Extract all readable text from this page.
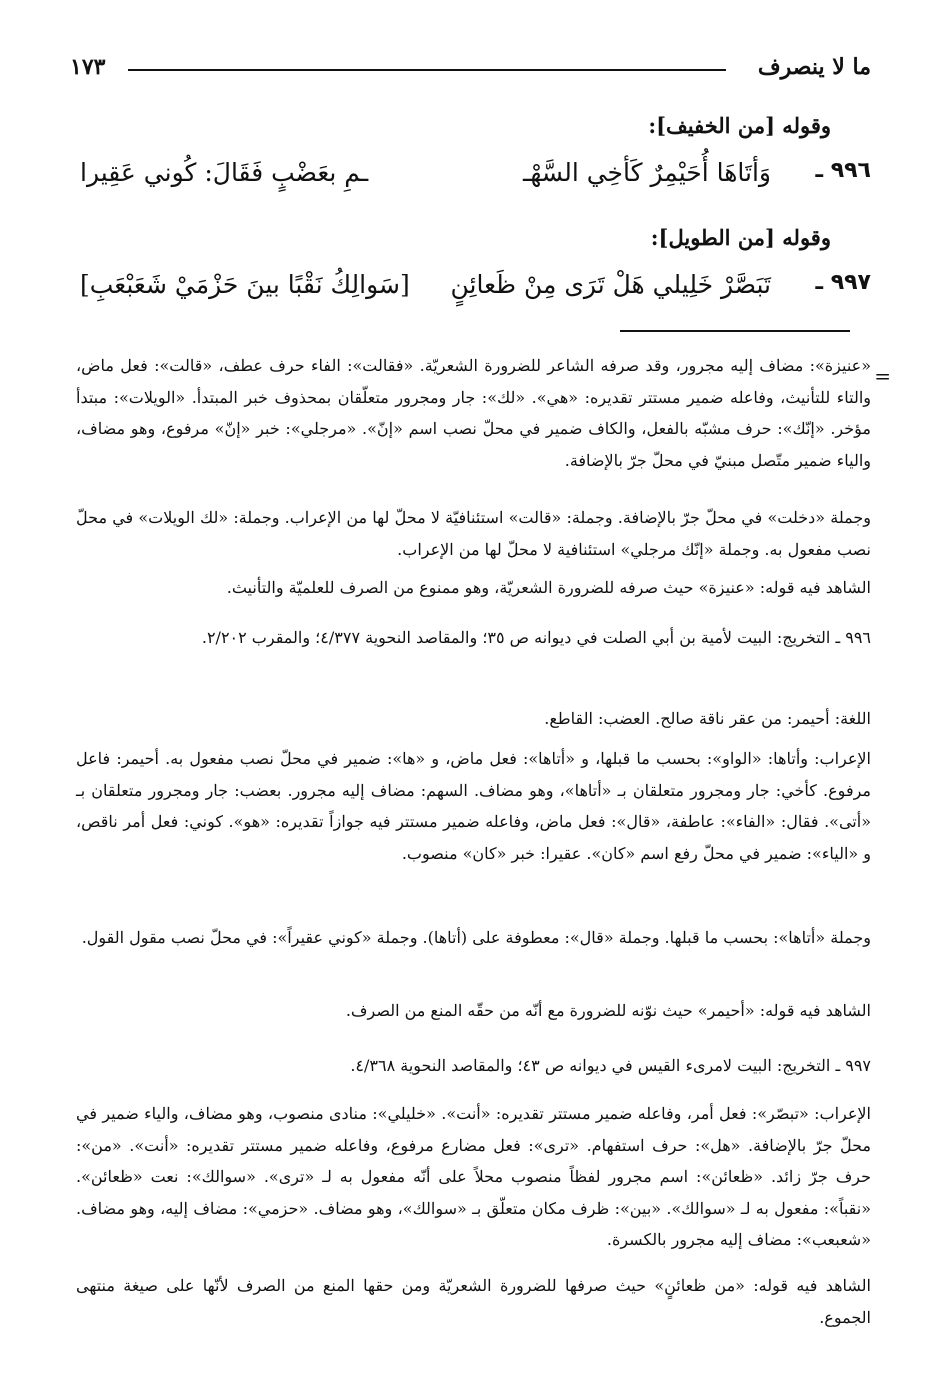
ما لا ينصرف
١٧٣
وقوله [من الخفيف]:
٩٩٦ ـ
وَأتَاهَا أُحَيْمِرٌ كَأخِي السَّهْـ
ـمِ بعَضْبٍ فَقَالَ: كُوني عَقِيرا
وقوله [من الطويل]:
٩٩٧ ـ
تَبَصَّرْ خَلِيلي هَلْ تَرَى مِنْ ظَعائِنٍ
[سَوالِكُ نَقْبًا بينَ حَزْمَيْ شَعَبْعَبِ]
=
«عنيزة»: مضاف إليه مجرور، وقد صرفه الشاعر للضرورة الشعريّة. «فقالت»: الفاء حرف عطف، «قالت»: فعل ماض، والتاء للتأنيث، وفاعله ضمير مستتر تقديره: «هي». «لك»: جار ومجرور متعلّقان بمحذوف خبر المبتدأ. «الويلات»: مبتدأ مؤخر. «إنّك»: حرف مشبّه بالفعل، والكاف ضمير في محلّ نصب اسم «إنّ». «مرجلي»: خبر «إنّ» مرفوع، وهو مضاف، والياء ضمير متّصل مبنيّ في محلّ جرّ بالإضافة.
وجملة «دخلت» في محلّ جرّ بالإضافة. وجملة: «قالت» استئنافيّة لا محلّ لها من الإعراب. وجملة: «لك الويلات» في محلّ نصب مفعول به. وجملة «إنّك مرجلي» استئنافية لا محلّ لها من الإعراب.
الشاهد فيه قوله: «عنيزة» حيث صرفه للضرورة الشعريّة، وهو ممنوع من الصرف للعلميّة والتأنيث.
٩٩٦ ـ التخريج: البيت لأمية بن أبي الصلت في ديوانه ص ٣٥؛ والمقاصد النحوية ٤/٣٧٧؛ والمقرب ٢/٢٠٢.
اللغة: أحيمر: من عقر ناقة صالح. العضب: القاطع.
الإعراب: وأتاها: «الواو»: بحسب ما قبلها، و «أتاها»: فعل ماض، و «ها»: ضمير في محلّ نصب مفعول به. أحيمر: فاعل مرفوع. كأخي: جار ومجرور متعلقان بـ «أتاها»، وهو مضاف. السهم: مضاف إليه مجرور. بعضب: جار ومجرور متعلقان بـ «أتى». فقال: «الفاء»: عاطفة، «قال»: فعل ماض، وفاعله ضمير مستتر فيه جوازاً تقديره: «هو». كوني: فعل أمر ناقص، و «الياء»: ضمير في محلّ رفع اسم «كان». عقيرا: خبر «كان» منصوب.
وجملة «أتاها»: بحسب ما قبلها. وجملة «قال»: معطوفة على (أتاها). وجملة «كوني عقيراً»: في محلّ نصب مقول القول.
الشاهد فيه قوله: «أحيمر» حيث نوّنه للضرورة مع أنّه من حقّه المنع من الصرف.
٩٩٧ ـ التخريج: البيت لامرىء القيس في ديوانه ص ٤٣؛ والمقاصد النحوية ٤/٣٦٨.
الإعراب: «تبصّر»: فعل أمر، وفاعله ضمير مستتر تقديره: «أنت». «خليلي»: منادى منصوب، وهو مضاف، والياء ضمير في محلّ جرّ بالإضافة. «هل»: حرف استفهام. «ترى»: فعل مضارع مرفوع، وفاعله ضمير مستتر تقديره: «أنت». «من»: حرف جرّ زائد. «ظعائن»: اسم مجرور لفظاً منصوب محلاً على أنّه مفعول به لـ «ترى». «سوالك»: نعت «ظعائن». «نقباً»: مفعول به لـ «سوالك». «بين»: ظرف مكان متعلّق بـ «سوالك»، وهو مضاف. «حزمي»: مضاف إليه، وهو مضاف. «شعبعب»: مضاف إليه مجرور بالكسرة.
الشاهد فيه قوله: «من ظعائنٍ» حيث صرفها للضرورة الشعريّة ومن حقها المنع من الصرف لأنّها على صيغة منتهى الجموع.
